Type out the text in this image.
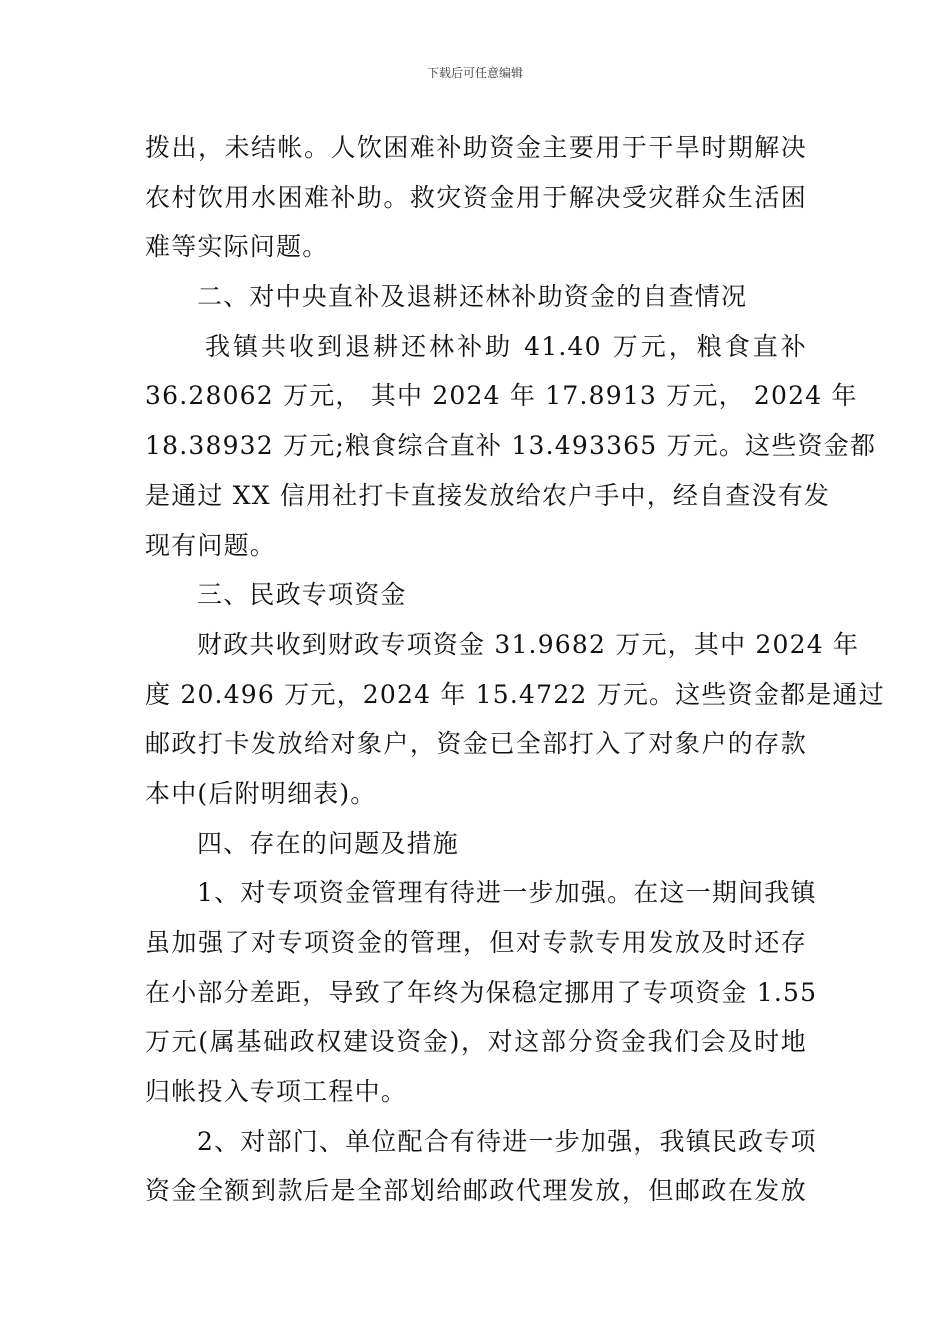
下载后可任意编辑
拨出，未结帐。人饮困难补助资金主要用于干旱时期解决
农村饮用水困难补助。救灾资金用于解决受灾群众生活困
难等实际问题。
二、对中央直补及退耕还林补助资金的自查情况
我镇共收到退耕还林补助 41.40 万元，粮食直补
36.28062 万元， 其中 2024 年 17.8913 万元， 2024 年
18.38932 万元;粮食综合直补 13.493365 万元。这些资金都
是通过 XX 信用社打卡直接发放给农户手中，经自查没有发
现有问题。
三、民政专项资金
财政共收到财政专项资金 31.9682 万元，其中 2024 年
度 20.496 万元，2024 年 15.4722 万元。这些资金都是通过
邮政打卡发放给对象户，资金已全部打入了对象户的存款
本中(后附明细表)。
四、存在的问题及措施
1、对专项资金管理有待进一步加强。在这一期间我镇
虽加强了对专项资金的管理，但对专款专用发放及时还存
在小部分差距，导致了年终为保稳定挪用了专项资金 1.55
万元(属基础政权建设资金)，对这部分资金我们会及时地
归帐投入专项工程中。
2、对部门、单位配合有待进一步加强，我镇民政专项
资金全额到款后是全部划给邮政代理发放，但邮政在发放
